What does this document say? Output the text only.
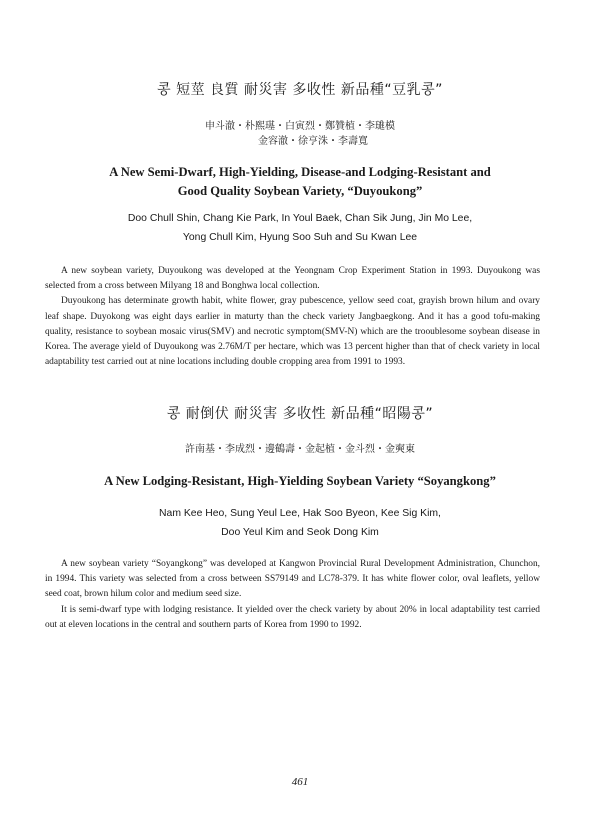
콩 短莖 良質 耐災害 多收性 新品種“豆乳콩”
申斗澈・朴熙璂・白寅烈・鄭贊植・李璡模
金容澈・徐亨洙・李壽寬
A New Semi-Dwarf, High-Yielding, Disease-and Lodging-Resistant and
Good Quality Soybean Variety, “Duyoukong”
Doo Chull Shin, Chang Kie Park, In Youl Baek, Chan Sik Jung, Jin Mo Lee,
Yong Chull Kim, Hyung Soo Suh and Su Kwan Lee

A new soybean variety, Duyoukong was developed at the Yeongnam Crop Experiment Station in 1993. Duyoukong was selected from a cross between Milyang 18 and Bonghwa local collection.

Duyoukong has determinate growth habit, white flower, gray pubescence, yellow seed coat, grayish brown hilum and ovary leaf shape. Duyokong was eight days earlier in maturty than the check variety Jangbaegkong. And it has a good tofu-making quality, resistance to soybean mosaic virus(SMV) and necrotic symptom(SMV-N) which are the trooublesome soybean disease in Korea. The average yield of Duyoukong was 2.76M/T per hectare, which was 13 percent higher than that of check variety in local adaptability test carried out at nine locations including double cropping area from 1991 to 1993.

콩 耐倒伏 耐災害 多收性 新品種“昭陽콩”
許南基・李成烈・邊鶴壽・金起植・金斗烈・金奭東
A New Lodging-Resistant, High-Yielding Soybean Variety “Soyangkong”
Nam Kee Heo, Sung Yeul Lee, Hak Soo Byeon, Kee Sig Kim,
Doo Yeul Kim and Seok Dong Kim

A new soybean variety “Soyangkong” was developed at Kangwon Provincial Rural Development Administration, Chunchon, in 1994. This variety was selected from a cross between SS79149 and LC78-379. It has white flower color, oval leaflets, yellow seed coat, brown hilum color and medium seed size.

It is semi-dwarf type with lodging resistance. It yielded over the check variety by about 20% in local adaptability test carried out at eleven locations in the central and southern parts of Korea from 1990 to 1992.

461
